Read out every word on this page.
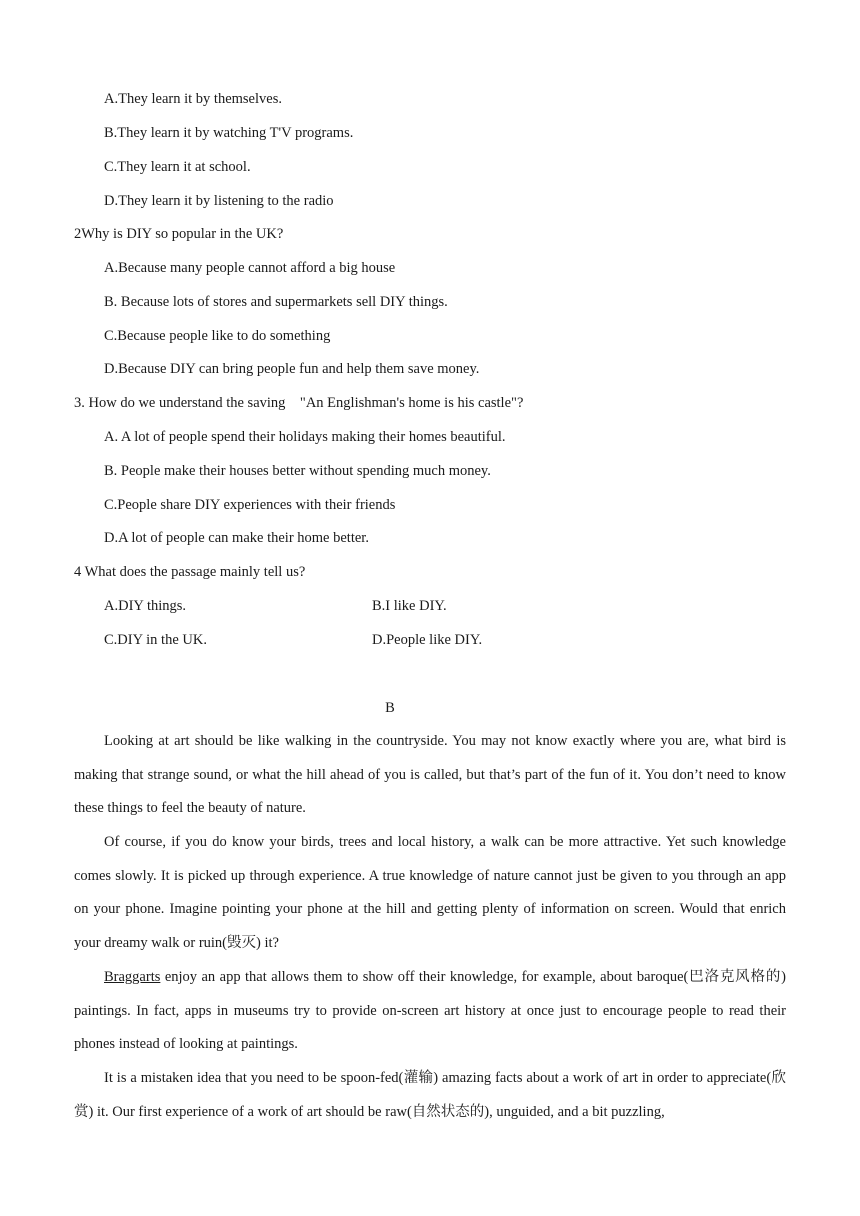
A.They learn it by themselves.
B.They learn it by watching T'V programs.
C.They learn it at school.
D.They learn it by listening to the radio
2Why is DIY so popular in the UK?
A.Because many people cannot afford a big house
B. Because lots of stores and supermarkets sell DIY things.
C.Because people like to do something
D.Because DIY can bring people fun and help them save money.
3. How do we understand the saving    "An Englishman's home is his castle"?
A. A lot of people spend their holidays making their homes beautiful.
B. People make their houses better without spending much money.
C.People share DIY experiences with their friends
D.A lot of people can make their home better.
4 What does the passage mainly tell us?
A.DIY things.	B.I like DIY.
C.DIY in the UK.	D.People like DIY.
B

Looking at art should be like walking in the countryside. You may not know exactly where you are, what bird is making that strange sound, or what the hill ahead of you is called, but that’s part of the fun of it. You don’t need to know these things to feel the beauty of nature.

Of course, if you do know your birds, trees and local history, a walk can be more attractive. Yet such knowledge comes slowly. It is picked up through experience. A true knowledge of nature cannot just be given to you through an app on your phone. Imagine pointing your phone at the hill and getting plenty of information on screen. Would that enrich your dreamy walk or ruin(毁灭) it?

Braggarts enjoy an app that allows them to show off their knowledge, for example, about baroque(巴洛克风格的) paintings. In fact, apps in museums try to provide on-screen art history at once just to encourage people to read their phones instead of looking at paintings.

It is a mistaken idea that you need to be spoon-fed(灌输) amazing facts about a work of art in order to appreciate(欣赏) it. Our first experience of a work of art should be raw(自然状态的), unguided, and a bit puzzling,
